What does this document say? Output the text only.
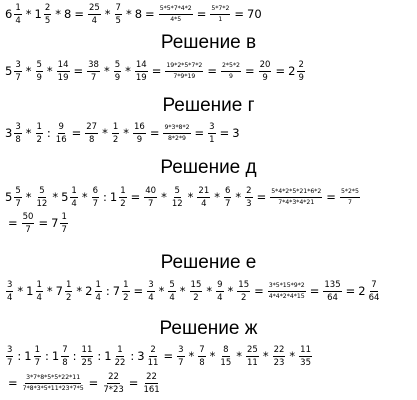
$6 \frac{1}{4} * 1 \frac{2}{5} * 8 = \frac{25}{4} * \frac{7}{5} * 8 = \frac{5*5*7*4*2}{4*5} = \frac{5*7*2}{1} = 70$
Решение в
$5 \frac{3}{7} * \frac{5}{9} * \frac{14}{19} = \frac{38}{7} * \frac{5}{9} * \frac{14}{19} = \frac{19*2*5*7*2}{7*9*19} = \frac{2*5*2}{9} = \frac{20}{9} = 2 \frac{2}{9}$
Решение г
$3 \frac{3}{8} * \frac{1}{2}$ : $\frac{9}{16} = \frac{27}{8} * \frac{1}{2} * \frac{16}{9} = \frac{9*3*8*2}{8*2*9} = \frac{3}{1} = 3$
Решение д
$5 \frac{5}{7} * \frac{5}{12} * 5 \frac{1}{4} * \frac{6}{7}$ : $1 \frac{1}{2} = \frac{40}{7} * \frac{5}{12} * \frac{21}{4} * \frac{6}{7} * \frac{2}{3} = \frac{5*4*2*5*21*6*2}{7*4*3*4*21} = \frac{5*2*5}{7}$
= $\frac{50}{7} = 7 \frac{1}{7}$
Решение е
$\frac{3}{4} * 1 \frac{1}{4} * 7 \frac{1}{2} * 2 \frac{1}{4}$ : $7 \frac{1}{2} = \frac{3}{4} * \frac{5}{4} * \frac{15}{2} * \frac{9}{4} * \frac{15}{2} = \frac{3*5*15*9*2}{4*4*2*4*15} = \frac{135}{64} = 2 \frac{7}{64}$
Решение ж
$\frac{3}{7}$ : $1 \frac{1}{7}$ : $1 \frac{7}{8}$ : $\frac{11}{25}$ : $1 \frac{1}{22}$ : $3 \frac{2}{11} = \frac{3}{7} * \frac{7}{8} * \frac{8}{15} * \frac{25}{11} * \frac{22}{23} * \frac{11}{35}$
= $\frac{3*7*8*5*5*22*11}{7*8*3*5*11*23*7*5} = \frac{22}{7*23} = \frac{22}{161}$
